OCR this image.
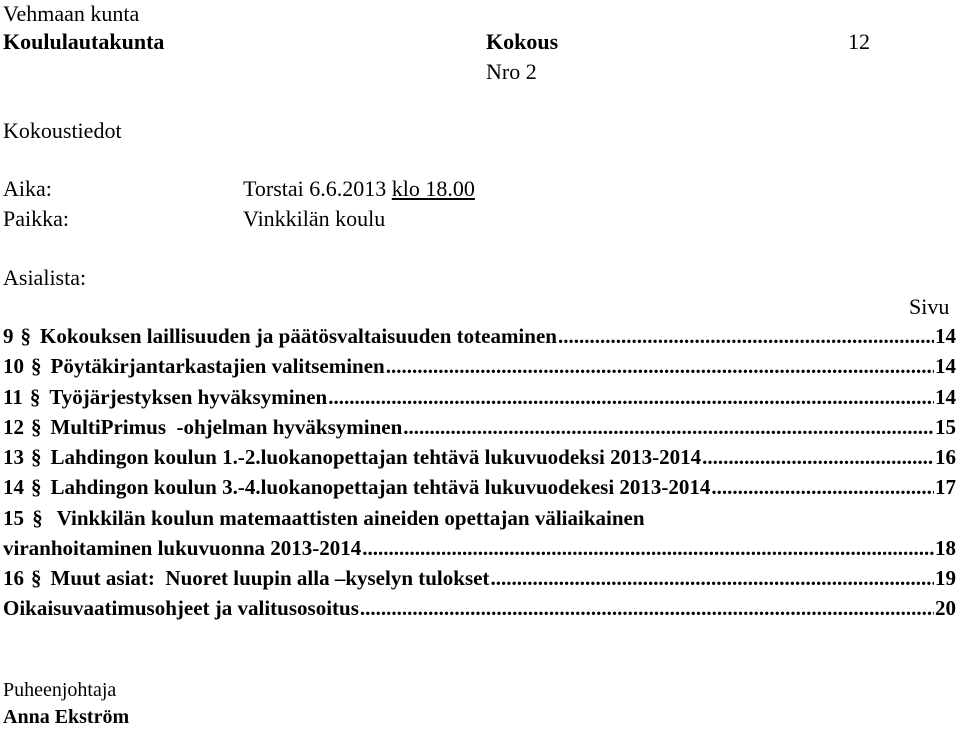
Vehmaan kunta
Koululautakunta	Kokous	12
Nro 2
Kokoustiedot
Aika:	Torstai 6.6.2013 klo 18.00
Paikka:	Vinkkilän koulu
Asialista:
Sivu
9 § Kokouksen laillisuuden ja päätösvaltaisuuden toteaminen .....	14
10 § Pöytäkirjantarkastajien valitseminen .....	14
11 § Työjärjestyksen hyväksyminen .....	14
12 § MultiPrimus  -ohjelman hyväksyminen .....	15
13 § Lahdingon koulun 1.-2.luokanopettajan tehtävä lukuvuodeksi 2013-2014 .....	16
14 § Lahdingon koulun 3.-4.luokanopettajan tehtävä lukuvuodekesi 2013-2014 .....	17
15 § Vinkkilän koulun matemaattisten aineiden opettajan väliaikainen
viranhoitaminen lukuvuonna 2013-2014 .....	18
16 § Muut asiat:  Nuoret luupin alla –kyselyn tulokset .....	19
Oikaisuvaatimusohjeet ja valitusosoitus .....	20
Puheenjohtaja
Anna Ekström
